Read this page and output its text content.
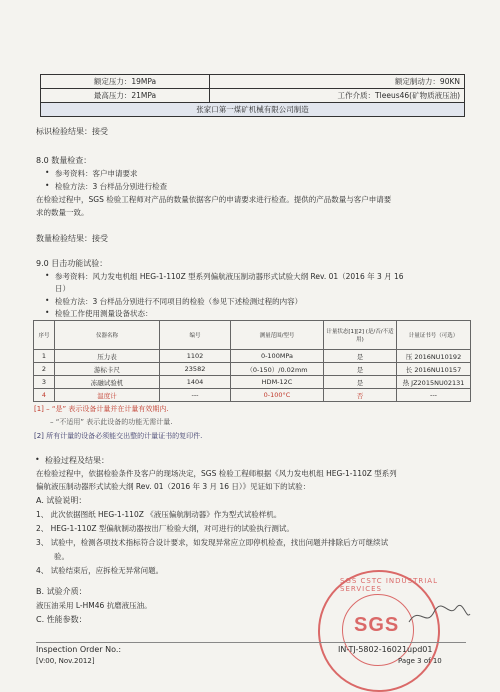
额定压力：19MPa	额定制动力：90KN
最高压力：21MPa	工作介质：Tleeus46(矿物质液压油)
张家口第一煤矿机械有限公司制造	
标识检验结果：接受
8.0 数量检查：
• 参考资料：客户申请要求
• 检验方法：3 台样品分别进行检查
在检验过程中，SGS 检验工程师对产品的数量依据客户的申请要求进行检查。提供的产品数量与客户申请要
求的数量一致。
数量检验结果：接受
9.0 目击功能试验：
• 参考资料：风力发电机组 HEG-1-110Z 型系列偏航液压制动器形式试验大纲 Rev. 01（2016 年 3 月 16
日）
• 检验方法：3 台样品分别进行不同项目的检验（参见下述检测过程的内容）
• 检验工作使用测量设备状态：
序号	仪器名称	编号	测量范围/型号	计量状态[1][2] (是/否/不适用)	计量证书号（可选）
1	压力表	1102	0-100MPa	是	压 2016NU10192
2	游标卡尺	23582	（0-150）/0.02mm	是	长 2016NU10157
3	冻融试验机	1404	HDM-12C	是	热 JZ2015NU02131
4	温度计	---	0-100°C	否	---
[1] – “是” 表示设备计量并在计量有效期内.
– “不适用” 表示此设备的功能无需计量.
[2] 所有计量的设备必须能交出整的计量证书的复印件.
• 检验过程及结果：
在检验过程中，依据检验条件及客户的现场决定，SGS 检验工程师根据《风力发电机组 HEG-1-110Z 型系列
偏航液压制动器形式试验大纲 Rev. 01（2016 年 3 月 16 日）》见证如下的试验：
A. 试验说明：
1、 此次依据图纸 HEG-1-110Z 《液压偏航制动器》作为型式试验样机。
2、 HEG-1-110Z 型偏航制动器按出厂检验大纲，对可进行的试验执行测试。
3、 试验中，检测各项技术指标符合设计要求，如发现异常应立即停机检查，找出问题并排除后方可继续试
验。
4、 试验结束后，应拆检无异常问题。
B. 试验介质：
液压油采用 L-HM46 抗磨液压油。
C. 性能参数：
SGS CSTC INDUSTRIAL SERVICES
SGS
Inspection Order No.:
[V:00, Nov.2012]
IN-TJ-5802-16021upd01
Page 3 of 10
